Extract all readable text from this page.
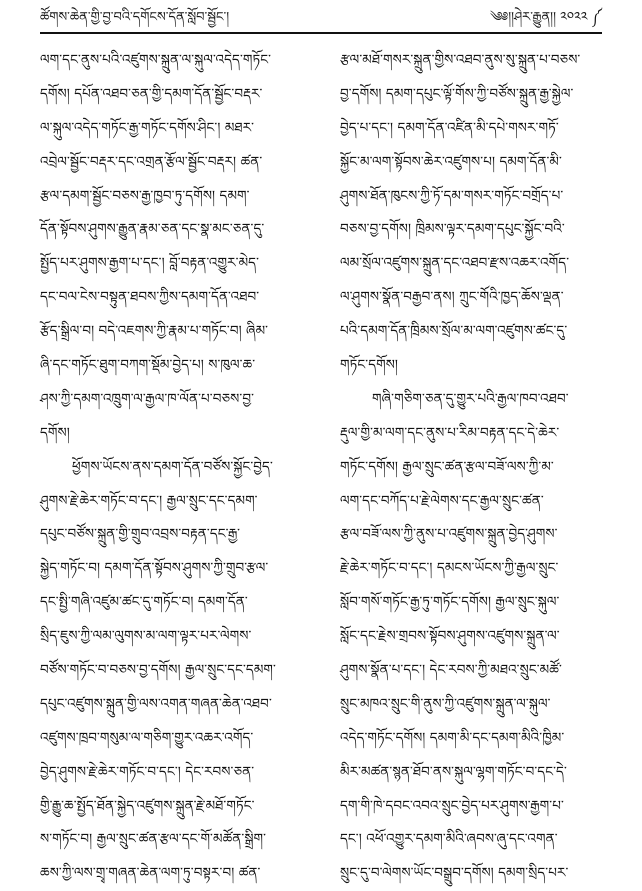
ཚོགས་ཆེན་གྱི་བྱ་བའི་དགོངས་དོན་སློབ་སྦྱོང་།	༄༅།།ཤེར་རྒྱུན།། ༢༠༢༢ ༼
ལག་དང་ནུས་པའི་འཛུགས་སྐྲུན་ལ་སྐུལ་འདེད་གཏོང་
དགོས། དཔོན་འཐབ་ཅན་གྱི་དམག་དོན་སྦྱོང་བརྡར་
ལ་སྐུལ་འདེད་གཏོང་རྒྱ་གཏོང་དགོས་ཤིང་། མཐར་
འབྲེལ་སྦྱོང་བརྡར་དང་འགྲན་རྩོལ་སྦྱོང་བརྡར། ཚན་
རྩལ་དམག་སྦྱོང་བཅས་རྒྱ་ཁྱབ་ཏུ་དགོས། དམག་
དོན་སྟོབས་ཤུགས་རྒྱུན་རྣམ་ཅན་དང་སྣ་མང་ཅན་དུ་
སྤྱོད་པར་ཤུགས་རྒྱག་པ་དང་། བློ་བརྟན་འགྱུར་མེད་
དང་བལ་ངེས་བསྟུན་ཐབས་ཀྱིས་དམག་དོན་འཐབ་
རྩོད་སྒྲིལ་བ། བདེ་འཇགས་ཀྱི་རྣམ་པ་གཏོང་བ། ཞིམ་
ཞི་དང་གཏོང་ཐུག་བཀག་སྡོམ་བྱེད་པ། ས་ཁུལ་ཆ་
ཤས་ཀྱི་དམག་འཁྲུག་ལ་རྒྱལ་ཁ་ལོན་པ་བཅས་བྱ་
དགོས།
ཕྱོགས་ཡོངས་ནས་དམག་དོན་བཙོས་སྐྱོང་བྱེད་
ཤུགས་རྗེ་ཆེར་གཏོང་བ་དང་། རྒྱལ་སྲུང་དང་དམག་
དཔུང་བཙོས་སྐྲུན་གྱི་གྲུབ་འབྲས་བརྟན་དང་རྒྱ་
སྐྱེད་གཏོང་བ། དམག་དོན་སྟོབས་ཤུགས་ཀྱི་གྲུབ་རྩལ་
དང་སྤྱི་གཞི་འཛུམ་ཚང་དུ་གཏོང་བ། དམག་དོན་
སྲིད་ཇུས་ཀྱི་ལམ་ལུགས་མ་ལག་ལྟར་པར་ལེགས་
བཙོས་གཏོང་བ་བཅས་བྱ་དགོས། རྒྱལ་སྲུང་དང་དམག་
དཔུང་འཛུགས་སྐྲུན་གྱི་ལས་འགན་གཞན་ཆེན་འཐབ་
འཛུགས་ཁྲབ་གསུམ་ལ་གཅིག་གྱུར་འཆར་འགོད་
བྱེད་ཤུགས་རྗེ་ཆེར་གཏོང་བ་དང་། དེང་རབས་ཅན་
གྱི་རྒྱུ་ཆ་སྤྱོད་ཐོན་སྐྱེད་འཛུགས་སྐྲུན་རྗེ་མཐོ་གཏོང་
ས་གཏོང་བ། རྒྱལ་སྲུང་ཚན་རྩལ་དང་གོ་མཚོན་སྒྲིག་
ཆས་ཀྱི་ལས་གྲྭ་གཞན་ཆེན་ལག་ཏུ་བསྟར་བ། ཚན་
རྩལ་མཐོ་གསར་སྐྲུན་གྱིས་འཐབ་ནུས་སུ་སྐྲུན་པ་བཅས་
བྱ་དགོས། དམག་དཔུང་ལྟོ་གོས་ཀྱི་བཙོས་སྐྲུན་རྒྱ་སྐྱེལ་
བྱེད་པ་དང་། དམག་དོན་འཛིན་མི་དཔེ་གསར་གཏོ་
སྐྱོང་མ་ལག་སྟོབས་ཆེར་འཛུགས་པ། དམག་དོན་མི་
ཤུགས་ཐོན་ཁུངས་ཀྱི་ཏོ་དམ་གསར་གཏོང་བགྲོད་པ་
བཅས་བྱ་དགོས། ཁྲིམས་ལྟར་དམག་དཔུང་སྐྱོང་བའི་
ལམ་སྲོལ་འཛུགས་སྐྲུན་དང་འཐབ་རྫས་འཆར་འགོད་
ལ་ཤུགས་སྣོན་བརྒྱབ་ནས། ཀྲུང་གོའི་ཁྱད་ཆོས་ལྡན་
པའི་དམག་དོན་ཁྲིམས་སྲོལ་མ་ལག་འཛུགས་ཚང་དུ་
གཏོང་དགོས།
གཞི་གཅིག་ཅན་དུ་གྱུར་པའི་རྒྱལ་ཁབ་འཐབ་
རྡུལ་གྱི་མ་ལག་དང་ནུས་པ་རིམ་བརྟན་དང་དེ་ཆེར་
གཏོང་དགོས། རྒྱལ་སྲུང་ཚན་རྩལ་བཟོ་ལས་ཀྱི་མ་
ལག་དང་བཀོད་པ་རྗེ་ལེགས་དང་རྒྱལ་སྲུང་ཚན་
རྩལ་བཟོ་ལས་ཀྱི་ནུས་པ་འཛུགས་སྐྲུན་བྱེད་ཤུགས་
རྗེ་ཆེར་གཏོང་བ་དང་། དམངས་ཡོངས་ཀྱི་རྒྱལ་སྲུང་
སློབ་གསོ་གཏོང་རྒྱ་ཏུ་གཏོང་དགོས། རྒྱལ་སྲུང་སྐུལ་
སློང་དང་རྗེས་གྲབས་སྟོབས་ཤུགས་འཛུགས་སྐྲུན་ལ་
ཤུགས་སྣོན་པ་དང་། དེང་རབས་ཀྱི་མཐའ་སྲུང་མཚོ་
སྲུང་མཁའ་སྲུང་གི་ནུས་ཀྱི་འཛུགས་སྐྲུན་ལ་སྐུལ་
འདེད་གཏོང་དགོས། དམག་མི་དང་དམག་མིའི་ཁྱིམ་
མིར་མཚན་སྙན་ཐོབ་ནས་སྐུལ་ལྷག་གཏོང་བ་དང་དེ་
དག་གི་ཁེ་དབང་འབའ་སྲུང་བྱེད་པར་ཤུགས་རྒྱག་པ་
དང་། འཕོ་འགྱུར་དམག་མིའི་ཞབས་ཞུ་དང་འགན་
སྲུང་དུ་བ་ལེགས་ཡོང་བསྒྲུབ་དགོས། དམག་སྲིད་པར་
